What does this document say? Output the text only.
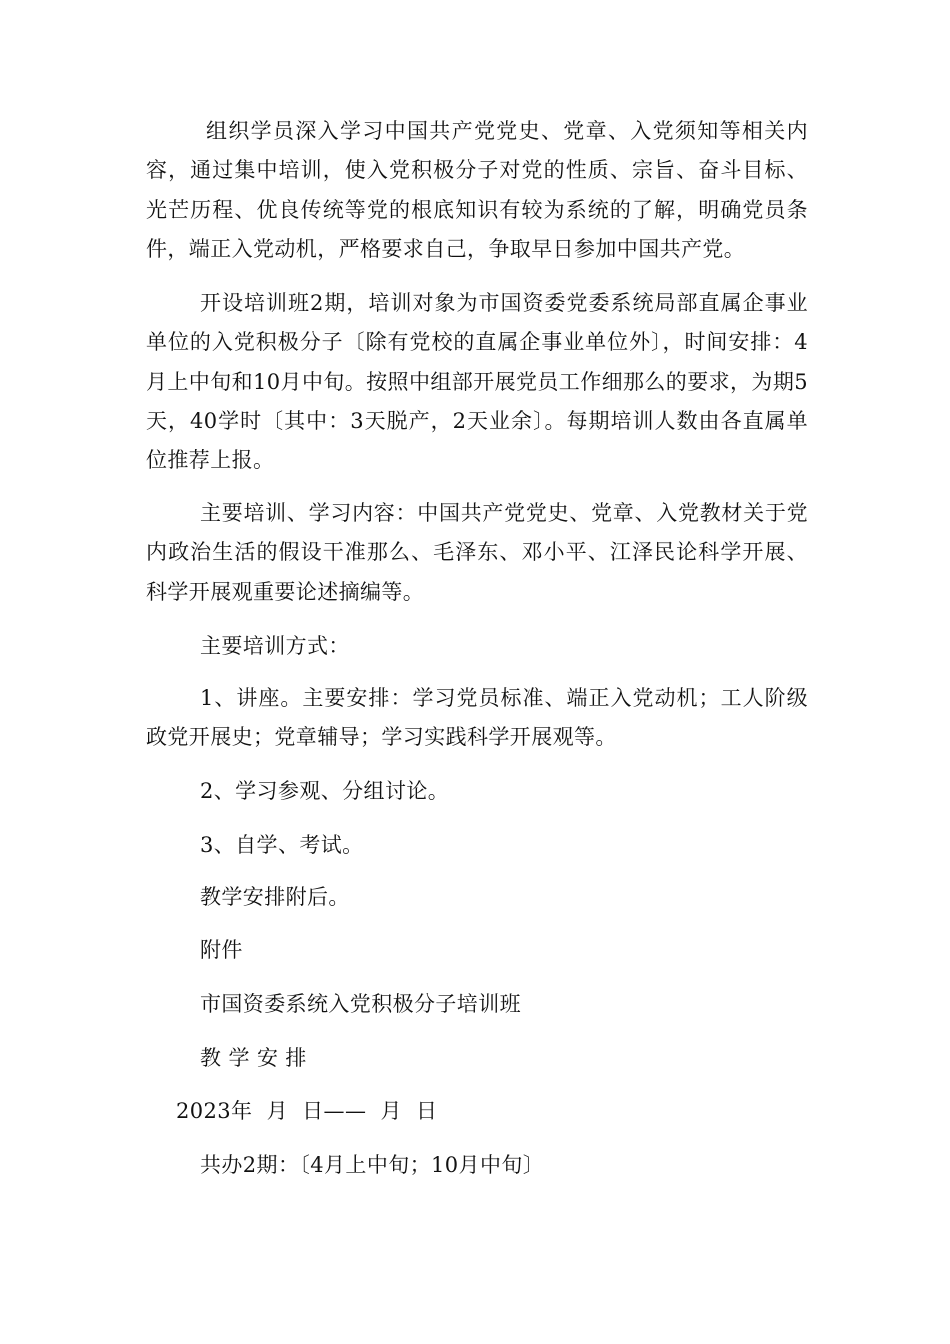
组织学员深入学习中国共产党党史、党章、入党须知等相关内容，通过集中培训，使入党积极分子对党的性质、宗旨、奋斗目标、光芒历程、优良传统等党的根底知识有较为系统的了解，明确党员条件，端正入党动机，严格要求自己，争取早日参加中国共产党。

开设培训班2期，培训对象为市国资委党委系统局部直属企事业单位的入党积极分子〔除有党校的直属企事业单位外〕，时间安排：4月上中旬和10月中旬。按照中组部开展党员工作细那么的要求，为期5天，40学时〔其中：3天脱产，2天业余〕。每期培训人数由各直属单位推荐上报。

主要培训、学习内容：中国共产党党史、党章、入党教材关于党内政治生活的假设干准那么、毛泽东、邓小平、江泽民论科学开展、科学开展观重要论述摘编等。

主要培训方式：

1、讲座。主要安排：学习党员标准、端正入党动机；工人阶级政党开展史；党章辅导；学习实践科学开展观等。

2、学习参观、分组讨论。

3、自学、考试。

教学安排附后。

附件

市国资委系统入党积极分子培训班

教 学 安 排

2023年  月  日——  月  日

共办2期：〔4月上中旬；10月中旬〕
